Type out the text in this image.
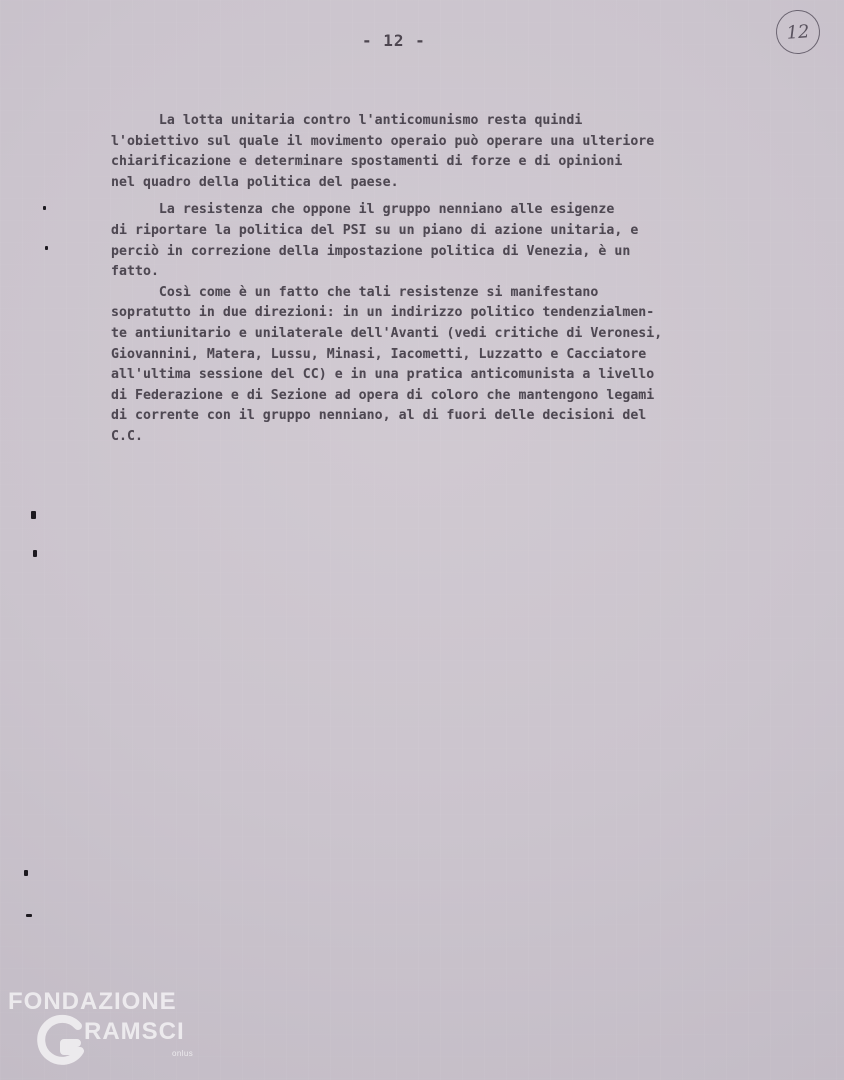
- 12 -	12
La lotta unitaria contro l'anticomunismo resta quindi
l'obiettivo sul quale il movimento operaio può operare una ulteriore
chiarificazione e determinare spostamenti di forze e di opinioni
nel quadro della politica del paese.
La resistenza che oppone il gruppo nenniano alle esigenze
di riportare la politica del PSI su un piano di azione unitaria, e
perciò in correzione della impostazione politica di Venezia, è un
fatto.
Così come è un fatto che tali resistenze si manifestano
sopratutto in due direzioni: in un indirizzo politico tendenzialmen-
te antiunitario e unilaterale dell'Avanti (vedi critiche di Veronesi,
Giovannini, Matera, Lussu, Minasi, Iacometti, Luzzatto e Cacciatore
all'ultima sessione del CC) e in una pratica anticomunista a livello
di Federazione e di Sezione ad opera di coloro che mantengono legami
di corrente con il gruppo nenniano, al di fuori delle decisioni del
C.C.
FONDAZIONE
RAMSCI
onlus
